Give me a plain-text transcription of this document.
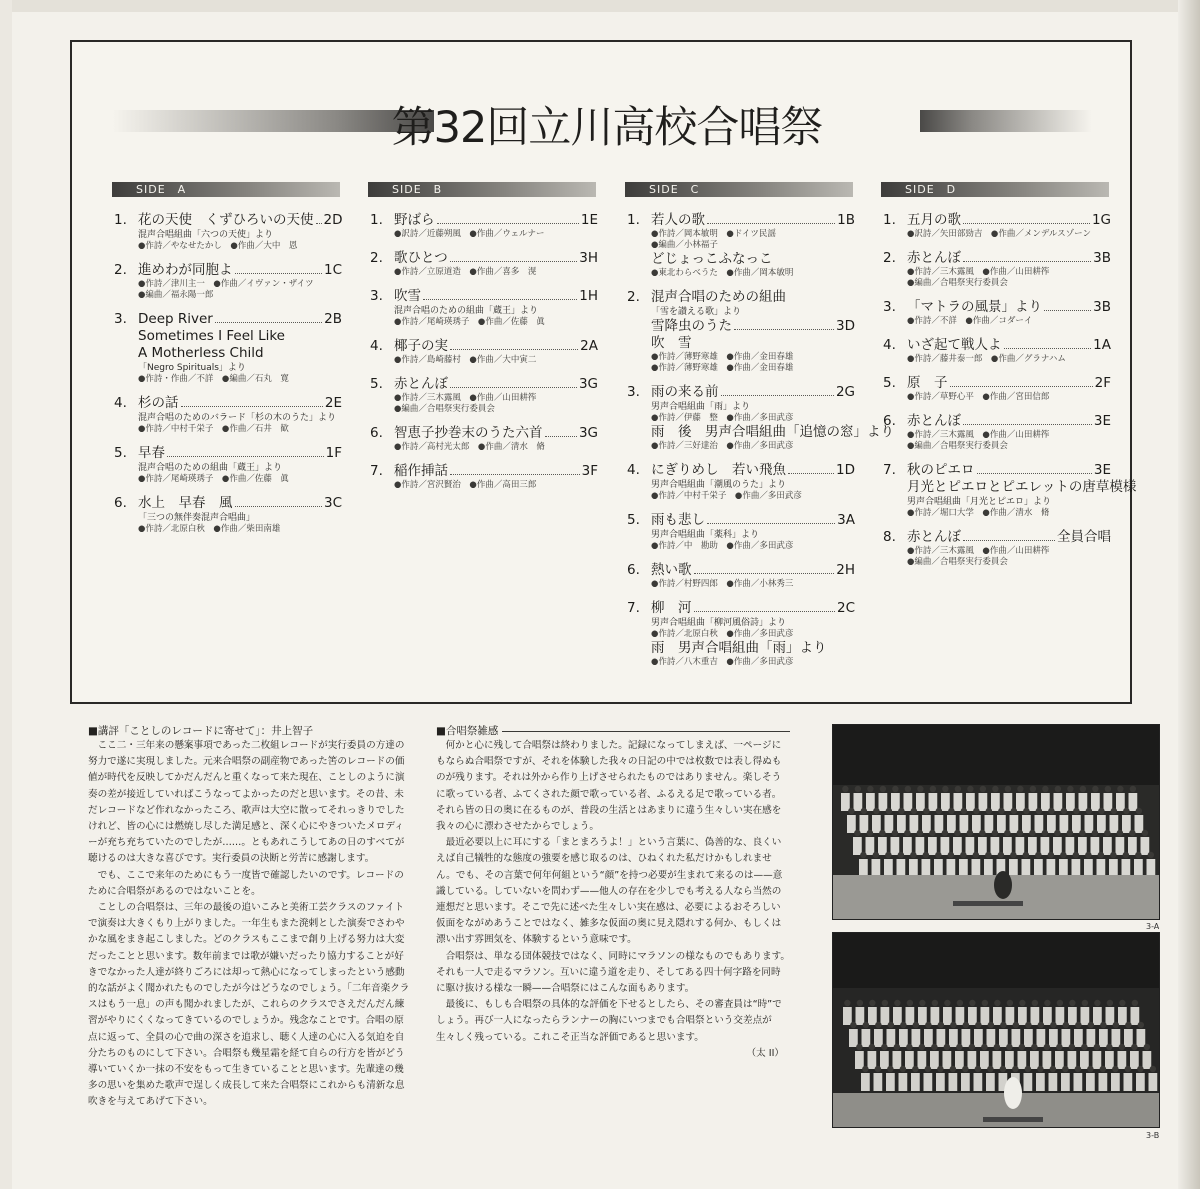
第32回立川高校合唱祭
SIDE　A	SIDE　B	SIDE　C	SIDE　D
1. 花の天使　くずひろいの天使 2D
混声合唱組曲「六つの天使」より
●作詩／やなせたかし　●作曲／大中　恩
2. 進めわが同胞よ	1C
●作詩／津川主一　●作曲／イヴァン・ザイツ
●編曲／福永陽一郎
3. Deep River	2B
Sometimes I Feel Like
A Motherless Child
「Negro Spirituals」より
●作詩・作曲／不詳　●編曲／石丸　寛
4. 杉の話	2E
混声合唱のためのバラード「杉の木のうた」より
●作詩／中村千栄子　●作曲／石井　歓
5. 早春	1F
混声合唱のための組曲「蔵王」より
●作詩／尾崎瑛琇子　●作曲／佐藤　眞
6. 水上　早春　風	3C
「三つの無伴奏混声合唱曲」
●作詩／北原白秋　●作曲／柴田南雄
1. 野ばら	1E
●訳詩／近藤朔風　●作曲／ウェルナー
2. 歌ひとつ	3H
●作詩／立原道造　●作曲／喜多　滉
3. 吹雪	1H
混声合唱のための組曲「蔵王」より
●作詩／尾崎瑛琇子　●作曲／佐藤　眞
4. 椰子の実	2A
●作詩／島崎藤村　●作曲／大中寅二
5. 赤とんぼ	3G
●作詩／三木露風　●作曲／山田耕筰
●編曲／合唱祭実行委員会
6. 智恵子抄巻末のうた六首	3G
●作詩／高村光太郎　●作曲／清水　脩
7. 稲作挿話	3F
●作詩／宮沢賢治　●作曲／高田三郎
1. 若人の歌	1B
●作詩／岡本敏明　●ドイツ民謡
●編曲／小林福子
どじょっこふなっこ
●東北わらべうた　●作曲／岡本敏明
2. 混声合唱のための組曲
「雪を讃える歌」より
雪降虫のうた	3D
吹　雪
●作詩／薄野寒雄　●作曲／金田春雄
●作詩／薄野寒雄　●作曲／金田春雄
3. 雨の来る前	2G
男声合唱組曲「雨」より
●作詩／伊藤　整　●作曲／多田武彦
雨　後　男声合唱組曲「追憶の窓」より
●作詩／三好達治　●作曲／多田武彦
4. にぎりめし　若い飛魚	1D
男声合唱組曲「潮風のうた」より
●作詩／中村千栄子　●作曲／多田武彦
5. 雨も悲し	3A
男声合唱組曲「薬科」より
●作詩／中　勘助　●作曲／多田武彦
6. 熱い歌	2H
●作詩／村野四郎　●作曲／小林秀三
7. 柳　河	2C
男声合唱組曲「柳河風俗詩」より
●作詩／北原白秋　●作曲／多田武彦
雨　男声合唱組曲「雨」より
●作詩／八木重吉　●作曲／多田武彦
1. 五月の歌	1G
●訳詩／矢田部勁吉　●作曲／メンデルスゾーン
2. 赤とんぼ	3B
●作詩／三木露風　●作曲／山田耕筰
●編曲／合唱祭実行委員会
3. 「マトラの風景」より	3B
●作詩／不詳　●作曲／コダーイ
4. いざ起て戦人よ	1A
●作詩／藤井泰一郎　●作曲／グラナハム
5. 原　子	2F
●作詩／草野心平　●作曲／宮田信郎
6. 赤とんぼ	3E
●作詩／三木露風　●作曲／山田耕筰
●編曲／合唱祭実行委員会
7. 秋のピエロ	3E
月光とピエロとピエレットの唐草模様
男声合唱組曲「月光とピエロ」より
●作詩／堀口大学　●作曲／清水　脩
8. 赤とんぼ	全員合唱
●作詩／三木露風　●作曲／山田耕筰
●編曲／合唱祭実行委員会
■講評「ことしのレコードに寄せて」：井上智子

ここ二・三年来の懸案事項であった二枚組レコードが実行委員の方達の努力で遂に実現しました。元来合唱祭の副産物であった筈のレコードの価値が時代を反映してかだんだんと重くなって来た現在、ことしのように演奏の差が接近していればこうなってよかったのだと思います。その昔、未だレコードなど作れなかったころ、歌声は大空に散ってそれっきりでしたけれど、皆の心には燃焼し尽した満足感と、深く心にやきついたメロディーが充ち充ちていたのでしたが……。ともあれこうしてあの日のすべてが聴けるのは大きな喜びです。実行委員の決断と労苦に感謝します。

でも、ここで来年のためにもう一度皆で確認したいのです。レコードのために合唱祭があるのではないことを。

ことしの合唱祭は、三年の最後の追いこみと美術工芸クラスのファイトで演奏は大きくもり上がりました。一年生もまた溌剌とした演奏でさわやかな風をまき起こしました。どのクラスもここまで創り上げる努力は大変だったことと思います。数年前までは歌が嫌いだったり協力することが好きでなかった人達が終りごろには却って熱心になってしまったという感動的な話がよく聞かれたものでしたが今はどうなのでしょう。「二年音楽クラスはもう一息」の声も聞かれましたが、これらのクラスでさえだんだん練習がやりにくくなってきているのでしょうか。残念なことです。合唱の原点に返って、全員の心で曲の深さを追求し、聴く人達の心に入る気迫を自分たちのものにして下さい。合唱祭も幾星霜を経て自らの行方を皆がどう導いていくか一抹の不安をもって生きていることと思います。先輩達の幾多の思いを集めた歌声で逞しく成長して来た合唱祭にこれからも清新な息吹きを与えてあげて下さい。

■合唱祭雑感

何かと心に残して合唱祭は終わりました。記録になってしまえば、一ページにもならぬ合唱祭ですが、それを体験した我々の日記の中では枚数では表し得ぬものが残ります。それは外から作り上げさせられたものではありません。楽しそうに歌っている者、ふてくされた顔で歌っている者、ふるえる足で歌っている者。それら皆の日の奥に在るものが、普段の生活とはあまりに違う生々しい実在感を我々の心に漂わさせたからでしょう。

最近必要以上に耳にする「まとまろうよ！」という言葉に、偽善的な、良くいえば自己犠牲的な態度の強要を感じ取るのは、ひねくれた私だけかもしれません。でも、その言葉で何年何組という“顔”を持つ必要が生まれて来るのは——意識している。していないを問わず——他人の存在を少しでも考える人なら当然の連想だと思います。そこで先に述べた生々しい実在感は、必要によるおそろしい仮面をながめあうことではなく、雑多な仮面の奥に見え隠れする何か、もしくは漂い出す雰囲気を、体験するという意味です。

合唱祭は、単なる団体競技ではなく、同時にマラソンの様なものでもあります。それも一人で走るマラソン。互いに違う道を走り、そしてある四十何字路を同時に駆け抜ける様な一瞬——合唱祭にはこんな面もあります。

最後に、もしも合唱祭の具体的な評価を下せるとしたら、その審査員は“時”でしょう。再び一人になったらランナーの胸にいつまでも合唱祭という交差点が生々しく残っている。これこそ正当な評価であると思います。

（太 II）

3-A
3-B
